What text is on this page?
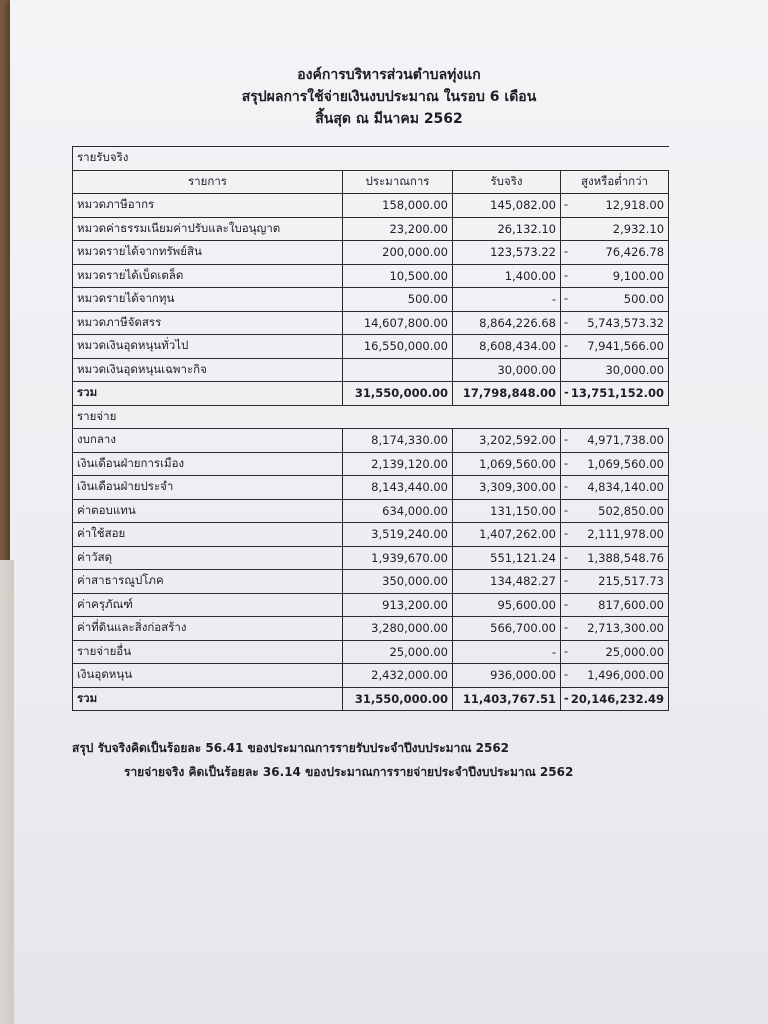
องค์การบริหารส่วนตำบลทุ่งแก
สรุปผลการใช้จ่ายเงินงบประมาณ ในรอบ 6 เดือน
สิ้นสุด ณ มีนาคม 2562
รายรับจริง			
รายการ	ประมาณการ	รับจริง	สูงหรือต่ำกว่า
หมวดภาษีอากร	158,000.00	145,082.00	- 12,918.00
หมวดค่าธรรมเนียมค่าปรับและใบอนุญาต	23,200.00	26,132.10	2,932.10
หมวดรายได้จากทรัพย์สิน	200,000.00	123,573.22	- 76,426.78
หมวดรายได้เบ็ดเตล็ด	10,500.00	1,400.00	- 9,100.00
หมวดรายได้จากทุน	500.00	-	- 500.00
หมวดภาษีจัดสรร	14,607,800.00	8,864,226.68	- 5,743,573.32
หมวดเงินอุดหนุนทั่วไป	16,550,000.00	8,608,434.00	- 7,941,566.00
หมวดเงินอุดหนุนเฉพาะกิจ		30,000.00	30,000.00
รวม	31,550,000.00	17,798,848.00	- 13,751,152.00
รายจ่าย			
งบกลาง	8,174,330.00	3,202,592.00	- 4,971,738.00
เงินเดือนฝ่ายการเมือง	2,139,120.00	1,069,560.00	- 1,069,560.00
เงินเดือนฝ่ายประจำ	8,143,440.00	3,309,300.00	- 4,834,140.00
ค่าตอบแทน	634,000.00	131,150.00	- 502,850.00
ค่าใช้สอย	3,519,240.00	1,407,262.00	- 2,111,978.00
ค่าวัสดุ	1,939,670.00	551,121.24	- 1,388,548.76
ค่าสาธารณูปโภค	350,000.00	134,482.27	- 215,517.73
ค่าครุภัณฑ์	913,200.00	95,600.00	- 817,600.00
ค่าที่ดินและสิ่งก่อสร้าง	3,280,000.00	566,700.00	- 2,713,300.00
รายจ่ายอื่น	25,000.00	-	- 25,000.00
เงินอุดหนุน	2,432,000.00	936,000.00	- 1,496,000.00
รวม	31,550,000.00	11,403,767.51	- 20,146,232.49
สรุป รับจริงคิดเป็นร้อยละ 56.41 ของประมาณการรายรับประจำปีงบประมาณ 2562
รายจ่ายจริง คิดเป็นร้อยละ 36.14 ของประมาณการรายจ่ายประจำปีงบประมาณ 2562
